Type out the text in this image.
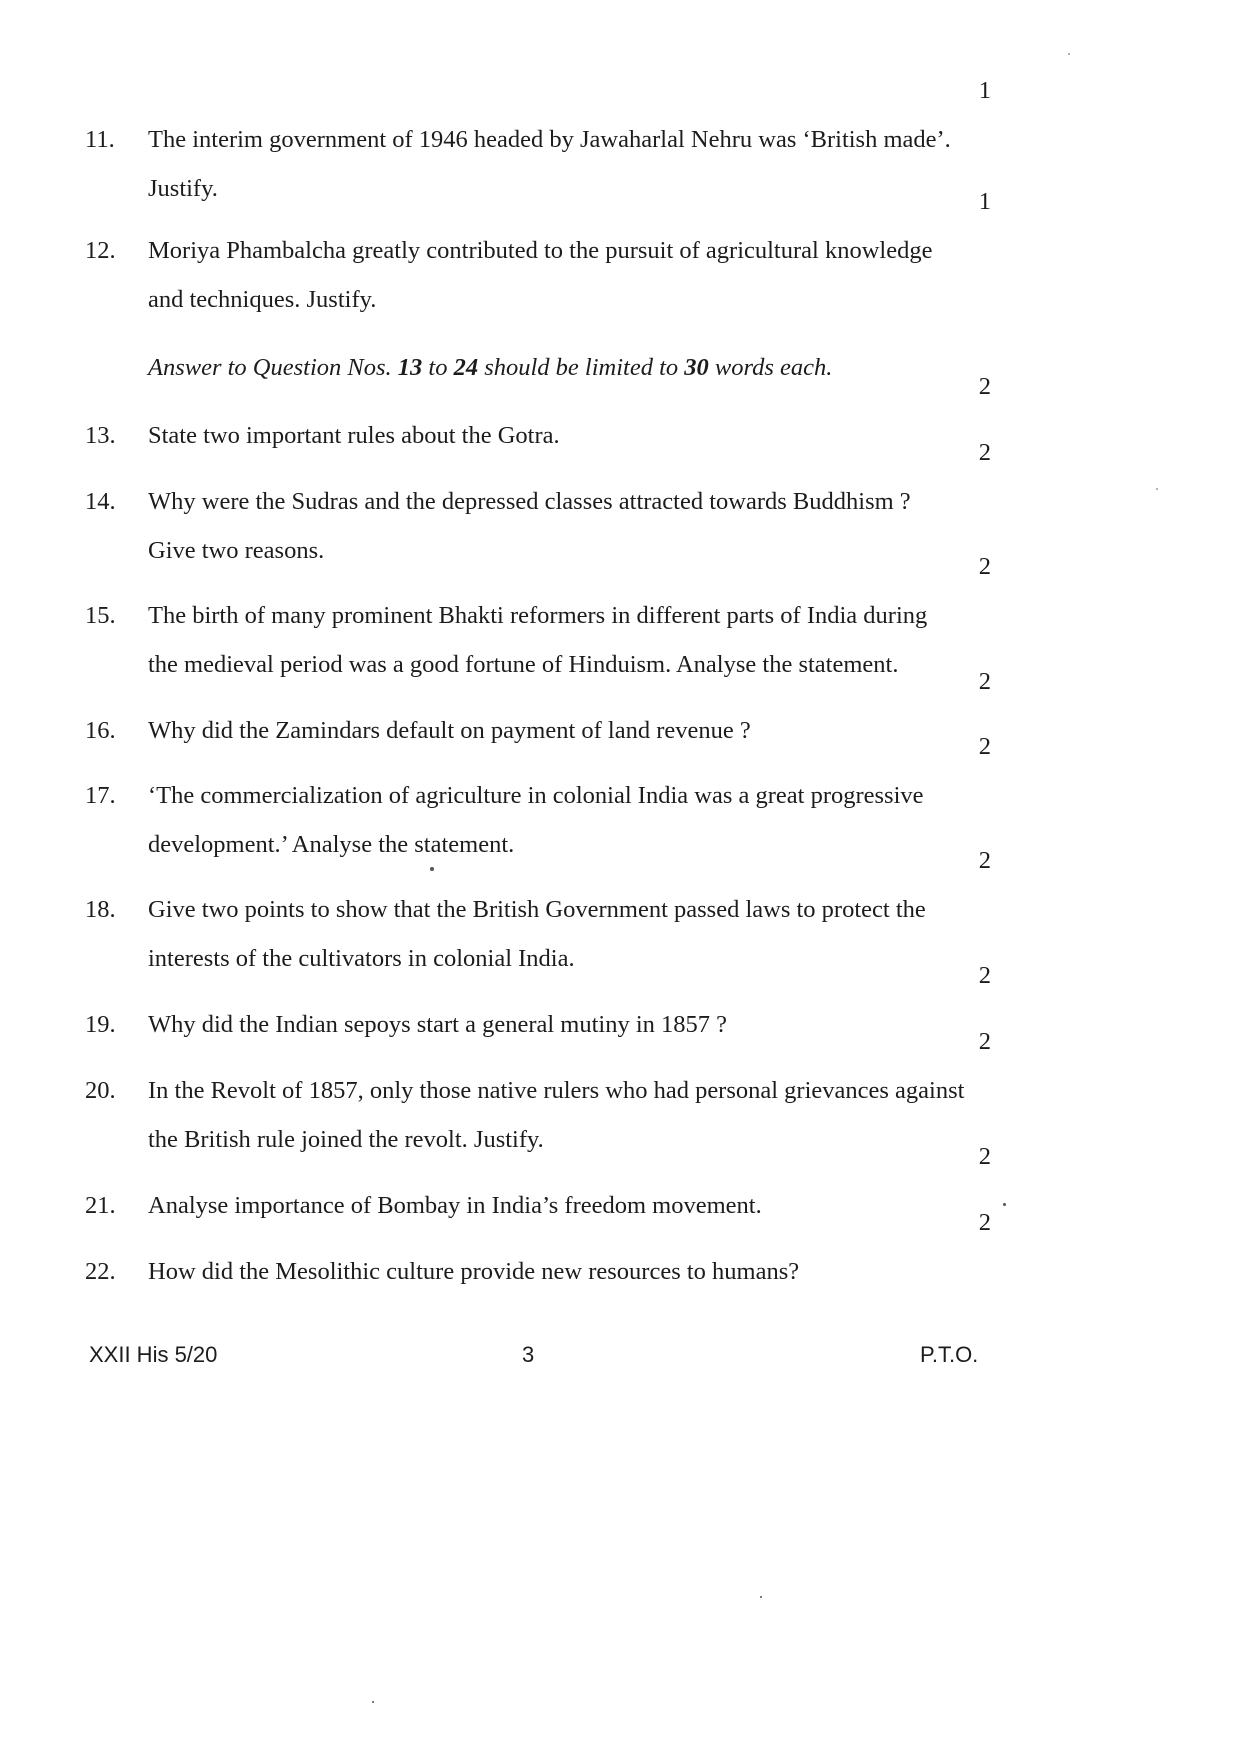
11.	The interim government of 1946 headed by Jawaharlal Nehru was ‘British made’.
Justify.
1
12.	Moriya Phambalcha greatly contributed to the pursuit of agricultural knowledge
and techniques. Justify.
1
Answer to Question Nos. 13 to 24 should be limited to 30 words each.
13.	State two important rules about the Gotra.
2
14.	Why were the Sudras and the depressed classes attracted towards Buddhism ?
Give two reasons.
2
15.	The birth of many prominent Bhakti reformers in different parts of India during
the medieval period was a good fortune of Hinduism. Analyse the statement.
2
16.	Why did the Zamindars default on payment of land revenue ?
2
17.	‘The commercialization of agriculture in colonial India was a great progressive
development.’ Analyse the statement.
2
18.	Give two points to show that the British Government passed laws to protect the
interests of the cultivators in colonial India.
2
19.	Why did the Indian sepoys start a general mutiny in 1857 ?
2
20.	In the Revolt of 1857, only those native rulers who had personal grievances against
the British rule joined the revolt. Justify.
2
21.	Analyse importance of Bombay in India’s freedom movement.
2
22.	How did the Mesolithic culture provide new resources to humans?
2
XXII His 5/20	3	P.T.O.
